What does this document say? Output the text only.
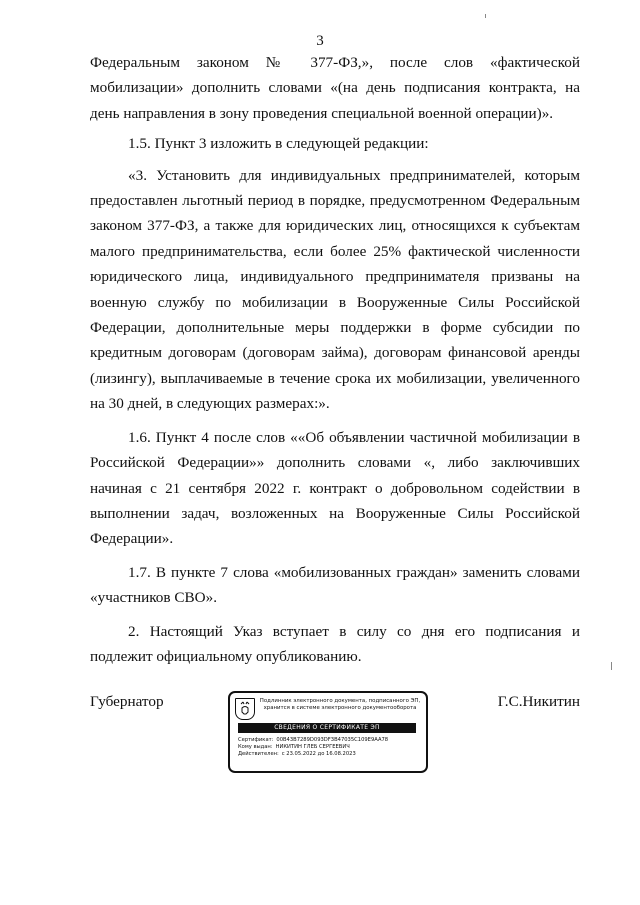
3

Федеральным законом № 377-ФЗ,», после слов «фактической мобилизации» дополнить словами «(на день подписания контракта, на день направления в зону проведения специальной военной операции)».

1.5. Пункт 3 изложить в следующей редакции:

«3. Установить для индивидуальных предпринимателей, которым предоставлен льготный период в порядке, предусмотренном Федеральным законом 377-ФЗ, а также для юридических лиц, относящихся к субъектам малого предпринимательства, если более 25% фактической численности юридического лица, индивидуального предпринимателя призваны на военную службу по мобилизации в Вооруженные Силы Российской Федерации, дополнительные меры поддержки в форме субсидии по кредитным договорам (договорам займа), договорам финансовой аренды (лизингу), выплачиваемые в течение срока их мобилизации, увеличенного на 30 дней, в следующих размерах:».

1.6. Пункт 4 после слов ««Об объявлении частичной мобилизации в Российской Федерации»» дополнить словами «, либо заключивших начиная с 21 сентября 2022 г. контракт о добровольном содействии в выполнении задач, возложенных на Вооруженные Силы Российской Федерации».

1.7. В пункте 7 слова «мобилизованных граждан» заменить словами «участников СВО».

2. Настоящий Указ вступает в силу со дня его подписания и подлежит официальному опубликованию.

Губернатор	Подлинник электронного документа, подписанного ЭП,
хранится в системе электронного документооборота
СВЕДЕНИЯ О СЕРТИФИКАТЕ ЭП
Сертификат: 00B43B7289D093DF3B47035C109E9AA78
Кому выдан: НИКИТИН ГЛЕБ СЕРГЕЕВИЧ
Действителен: с 23.05.2022 до 16.08.2023
Г.С.Никитин
